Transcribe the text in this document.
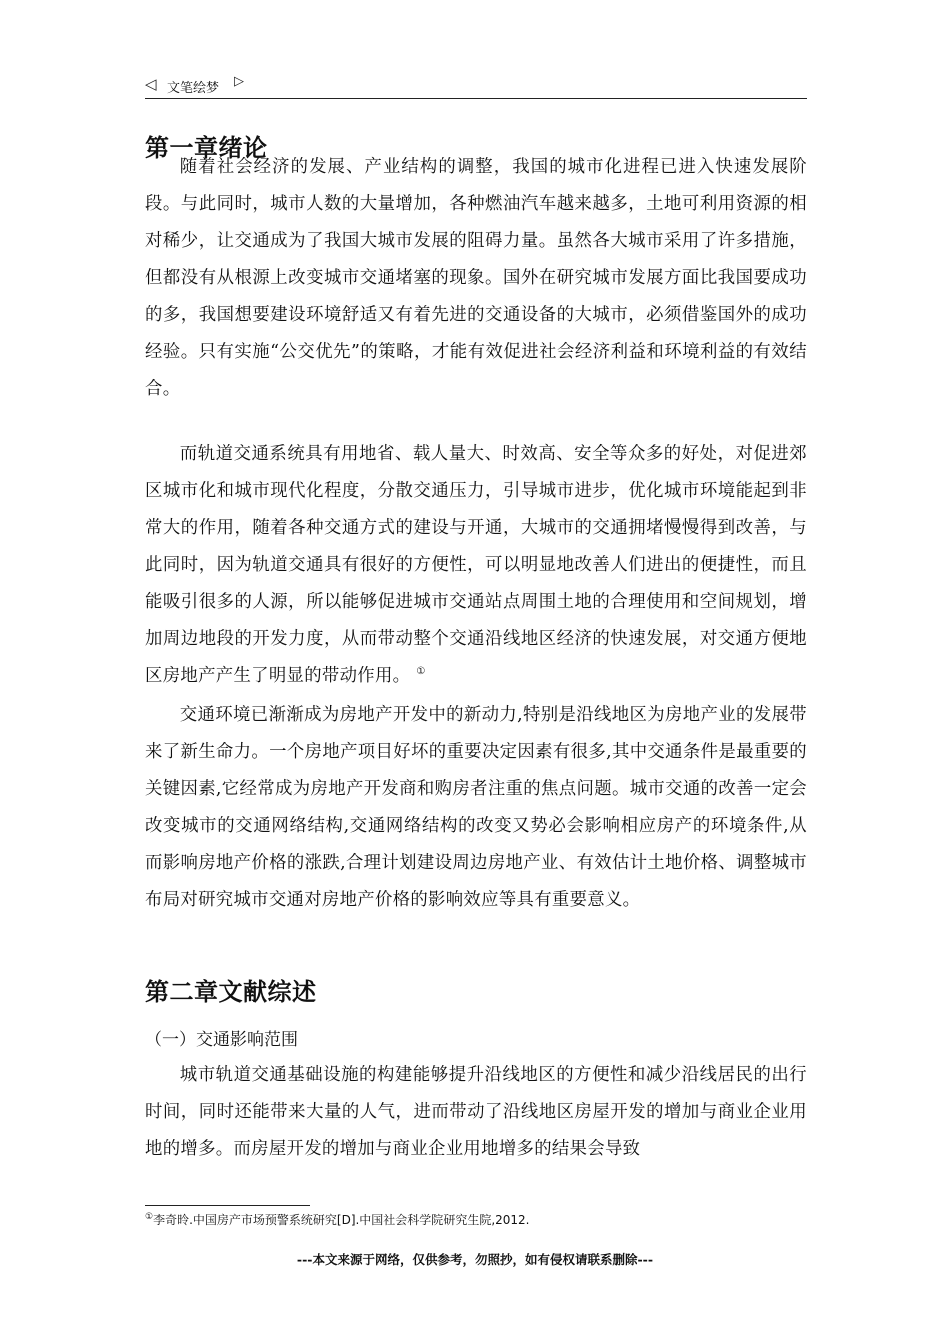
◁ 文笔绘梦 ▷
第一章绪论

随着社会经济的发展、产业结构的调整，我国的城市化进程已进入快速发展阶段。与此同时，城市人数的大量增加，各种燃油汽车越来越多，土地可利用资源的相对稀少，让交通成为了我国大城市发展的阻碍力量。虽然各大城市采用了许多措施，但都没有从根源上改变城市交通堵塞的现象。国外在研究城市发展方面比我国要成功的多，我国想要建设环境舒适又有着先进的交通设备的大城市，必须借鉴国外的成功经验。只有实施“公交优先”的策略，才能有效促进社会经济利益和环境利益的有效结合。

而轨道交通系统具有用地省、载人量大、时效高、安全等众多的好处，对促进郊区城市化和城市现代化程度，分散交通压力，引导城市进步，优化城市环境能起到非常大的作用，随着各种交通方式的建设与开通，大城市的交通拥堵慢慢得到改善，与此同时，因为轨道交通具有很好的方便性，可以明显地改善人们进出的便捷性，而且能吸引很多的人源，所以能够促进城市交通站点周围土地的合理使用和空间规划，增加周边地段的开发力度，从而带动整个交通沿线地区经济的快速发展，对交通方便地区房地产产生了明显的带动作用。 ①

交通环境已渐渐成为房地产开发中的新动力,特别是沿线地区为房地产业的发展带来了新生命力。一个房地产项目好坏的重要决定因素有很多,其中交通条件是最重要的关键因素,它经常成为房地产开发商和购房者注重的焦点问题。城市交通的改善一定会改变城市的交通网络结构,交通网络结构的改变又势必会影响相应房产的环境条件,从而影响房地产价格的涨跌,合理计划建设周边房地产业、有效估计土地价格、调整城市布局对研究城市交通对房地产价格的影响效应等具有重要意义。

第二章文献综述

（一）交通影响范围

城市轨道交通基础设施的构建能够提升沿线地区的方便性和减少沿线居民的出行时间，同时还能带来大量的人气，进而带动了沿线地区房屋开发的增加与商业企业用地的增多。而房屋开发的增加与商业企业用地增多的结果会导致

①李奇昤.中国房产市场预警系统研究[D].中国社会科学院研究生院,2012.

---本文来源于网络，仅供参考，勿照抄，如有侵权请联系删除---
